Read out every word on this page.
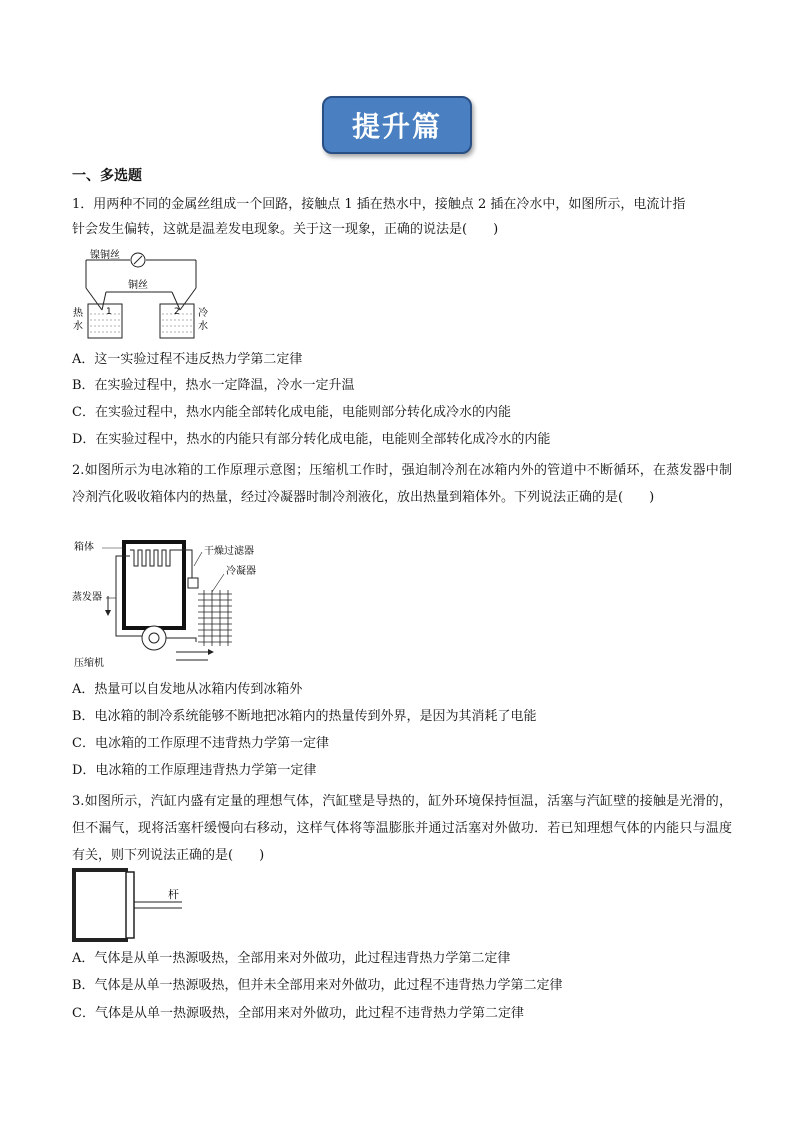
提升篇
一、多选题
1．用两种不同的金属丝组成一个回路，接触点 1 插在热水中，接触点 2 插在冷水中，如图所示，电流计指
针会发生偏转，这就是温差发电现象。关于这一现象，正确的说法是(　　)
镍铜丝
铜丝
1	2
热
水
冷
水
A．这一实验过程不违反热力学第二定律
B．在实验过程中，热水一定降温，冷水一定升温
C．在实验过程中，热水内能全部转化成电能，电能则部分转化成冷水的内能
D．在实验过程中，热水的内能只有部分转化成电能，电能则全部转化成冷水的内能
2.如图所示为电冰箱的工作原理示意图；压缩机工作时，强迫制冷剂在冰箱内外的管道中不断循环，在蒸发器中制冷剂汽化吸收箱体内的热量，经过冷凝器时制冷剂液化，放出热量到箱体外。下列说法正确的是(　　)
箱体	干燥过滤器
冷凝器
蒸发器
压缩机
A．热量可以自发地从冰箱内传到冰箱外
B．电冰箱的制冷系统能够不断地把冰箱内的热量传到外界，是因为其消耗了电能
C．电冰箱的工作原理不违背热力学第一定律
D．电冰箱的工作原理违背热力学第一定律
3.如图所示，汽缸内盛有定量的理想气体，汽缸壁是导热的，缸外环境保持恒温，活塞与汽缸壁的接触是光滑的，但不漏气，现将活塞杆缓慢向右移动，这样气体将等温膨胀并通过活塞对外做功．若已知理想气体的内能只与温度有关，则下列说法正确的是(　　)
杆
A．气体是从单一热源吸热，全部用来对外做功，此过程违背热力学第二定律
B．气体是从单一热源吸热，但并未全部用来对外做功，此过程不违背热力学第二定律
C．气体是从单一热源吸热，全部用来对外做功，此过程不违背热力学第二定律
